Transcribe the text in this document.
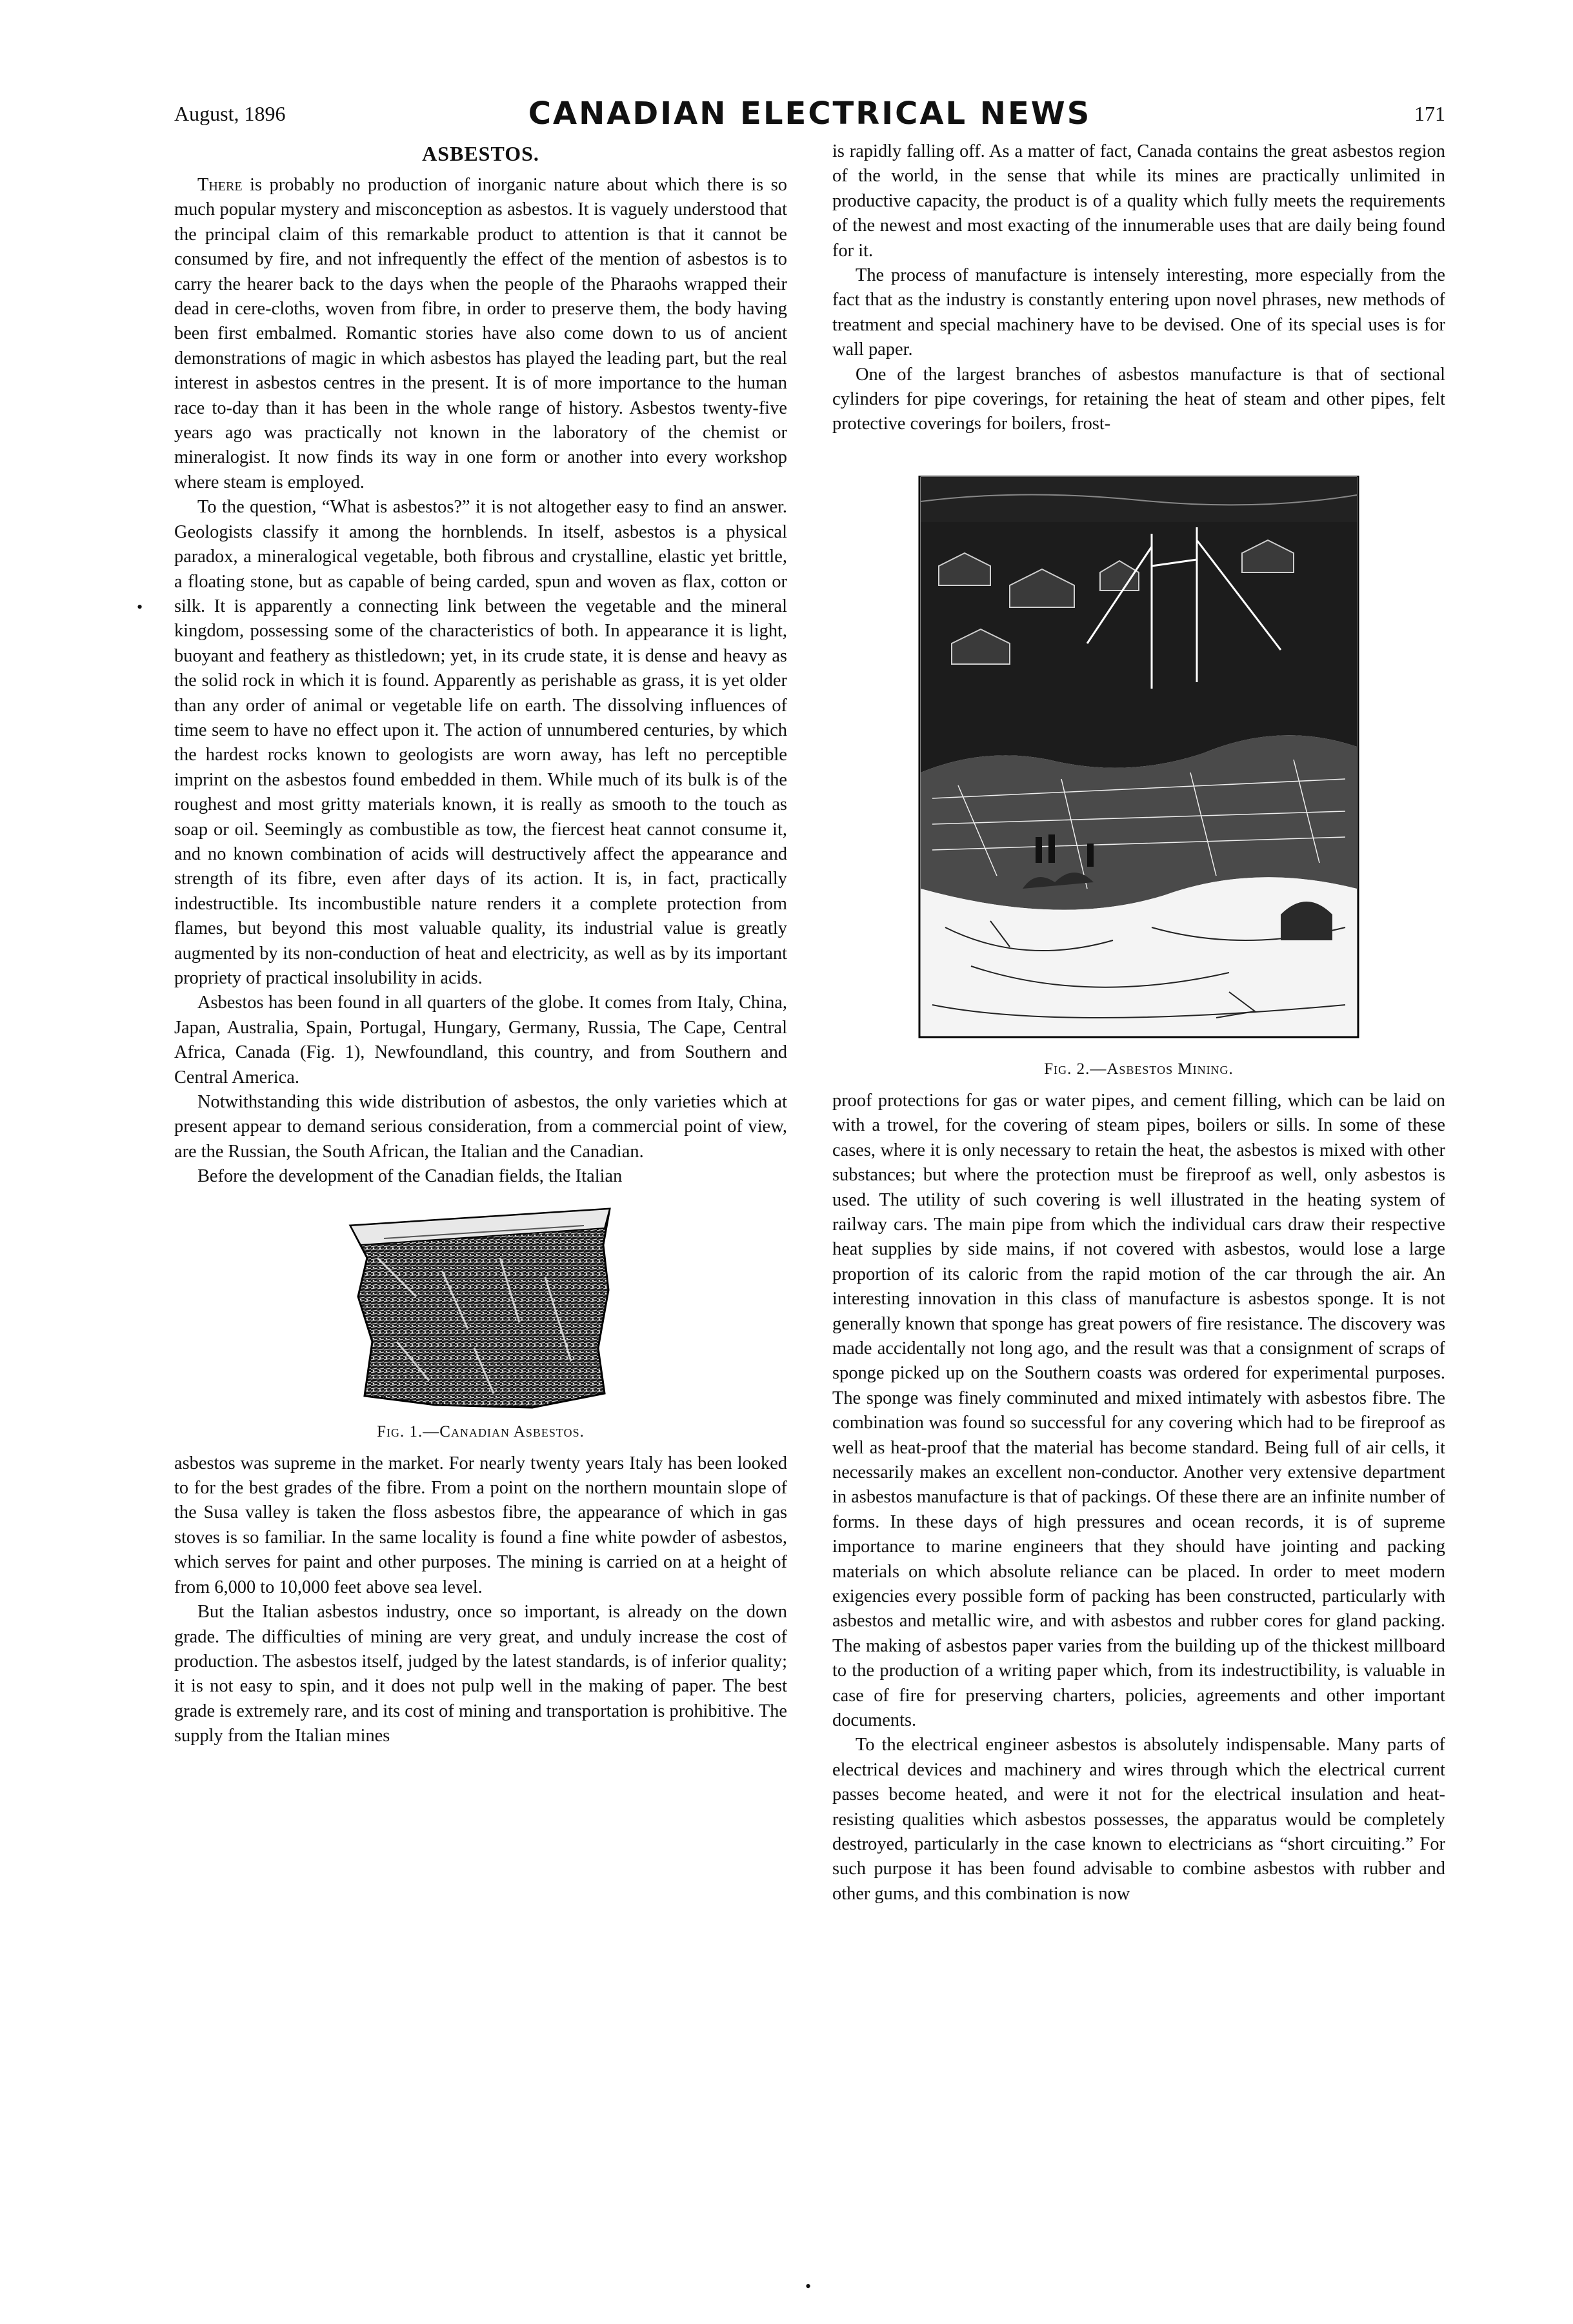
August, 1896	CANADIAN ELECTRICAL NEWS	171
•
ASBESTOS.

There is probably no production of inorganic nature about which there is so much popular mystery and misconception as asbestos. It is vaguely understood that the principal claim of this remarkable product to attention is that it cannot be consumed by fire, and not infrequently the effect of the mention of asbestos is to carry the hearer back to the days when the people of the Pharaohs wrapped their dead in cere-cloths, woven from fibre, in order to preserve them, the body having been first embalmed. Romantic stories have also come down to us of ancient demonstrations of magic in which asbestos has played the leading part, but the real interest in asbestos centres in the present. It is of more importance to the human race to-day than it has been in the whole range of history. Asbestos twenty-five years ago was practically not known in the laboratory of the chemist or mineralogist. It now finds its way in one form or another into every workshop where steam is employed.

To the question, “What is asbestos?” it is not altogether easy to find an answer. Geologists classify it among the hornblends. In itself, asbestos is a physical paradox, a mineralogical vegetable, both fibrous and crystalline, elastic yet brittle, a floating stone, but as capable of being carded, spun and woven as flax, cotton or silk. It is apparently a connecting link between the vegetable and the mineral kingdom, possessing some of the characteristics of both. In appearance it is light, buoyant and feathery as thistledown; yet, in its crude state, it is dense and heavy as the solid rock in which it is found. Apparently as perishable as grass, it is yet older than any order of animal or vegetable life on earth. The dissolving influences of time seem to have no effect upon it. The action of unnumbered centuries, by which the hardest rocks known to geologists are worn away, has left no perceptible imprint on the asbestos found embedded in them. While much of its bulk is of the roughest and most gritty materials known, it is really as smooth to the touch as soap or oil. Seemingly as combustible as tow, the fiercest heat cannot consume it, and no known combination of acids will destructively affect the appearance and strength of its fibre, even after days of its action. It is, in fact, practically indestructible. Its incombustible nature renders it a complete protection from flames, but beyond this most valuable quality, its industrial value is greatly augmented by its non-conduction of heat and electricity, as well as by its important propriety of practical insolubility in acids.

Asbestos has been found in all quarters of the globe. It comes from Italy, China, Japan, Australia, Spain, Portugal, Hungary, Germany, Russia, The Cape, Central Africa, Canada (Fig. 1), Newfoundland, this country, and from Southern and Central America.

Notwithstanding this wide distribution of asbestos, the only varieties which at present appear to demand serious consideration, from a commercial point of view, are the Russian, the South African, the Italian and the Canadian.

Before the development of the Canadian fields, the Italian

Fig. 1.—Canadian Asbestos.

asbestos was supreme in the market. For nearly twenty years Italy has been looked to for the best grades of the fibre. From a point on the northern mountain slope of the Susa valley is taken the floss asbestos fibre, the appearance of which in gas stoves is so familiar. In the same locality is found a fine white powder of asbestos, which serves for paint and other purposes. The mining is carried on at a height of from 6,000 to 10,000 feet above sea level.

But the Italian asbestos industry, once so important, is already on the down grade. The difficulties of mining are very great, and unduly increase the cost of production. The asbestos itself, judged by the latest standards, is of inferior quality; it is not easy to spin, and it does not pulp well in the making of paper. The best grade is extremely rare, and its cost of mining and transportation is prohibitive. The supply from the Italian mines

is rapidly falling off. As a matter of fact, Canada contains the great asbestos region of the world, in the sense that while its mines are practically unlimited in productive capacity, the product is of a quality which fully meets the requirements of the newest and most exacting of the innumerable uses that are daily being found for it.

The process of manufacture is intensely interesting, more especially from the fact that as the industry is constantly entering upon novel phrases, new methods of treatment and special machinery have to be devised. One of its special uses is for wall paper.

One of the largest branches of asbestos manufacture is that of sectional cylinders for pipe coverings, for retaining the heat of steam and other pipes, felt protective coverings for boilers, frost-

Fig. 2.—Asbestos Mining.

proof protections for gas or water pipes, and cement filling, which can be laid on with a trowel, for the covering of steam pipes, boilers or sills. In some of these cases, where it is only necessary to retain the heat, the asbestos is mixed with other substances; but where the protection must be fireproof as well, only asbestos is used. The utility of such covering is well illustrated in the heating system of railway cars. The main pipe from which the individual cars draw their respective heat supplies by side mains, if not covered with asbestos, would lose a large proportion of its caloric from the rapid motion of the car through the air. An interesting innovation in this class of manufacture is asbestos sponge. It is not generally known that sponge has great powers of fire resistance. The discovery was made accidentally not long ago, and the result was that a consignment of scraps of sponge picked up on the Southern coasts was ordered for experimental purposes. The sponge was finely comminuted and mixed intimately with asbestos fibre. The combination was found so successful for any covering which had to be fireproof as well as heat-proof that the material has become standard. Being full of air cells, it necessarily makes an excellent non-conductor. Another very extensive department in asbestos manufacture is that of packings. Of these there are an infinite number of forms. In these days of high pressures and ocean records, it is of supreme importance to marine engineers that they should have jointing and packing materials on which absolute reliance can be placed. In order to meet modern exigencies every possible form of packing has been constructed, particularly with asbestos and metallic wire, and with asbestos and rubber cores for gland packing. The making of asbestos paper varies from the building up of the thickest millboard to the production of a writing paper which, from its indestructibility, is valuable in case of fire for preserving charters, policies, agreements and other important documents.

To the electrical engineer asbestos is absolutely indispensable. Many parts of electrical devices and machinery and wires through which the electrical current passes become heated, and were it not for the electrical insulation and heat-resisting qualities which asbestos possesses, the apparatus would be completely destroyed, particularly in the case known to electricians as “short circuiting.” For such purpose it has been found advisable to combine asbestos with rubber and other gums, and this combination is now

•
